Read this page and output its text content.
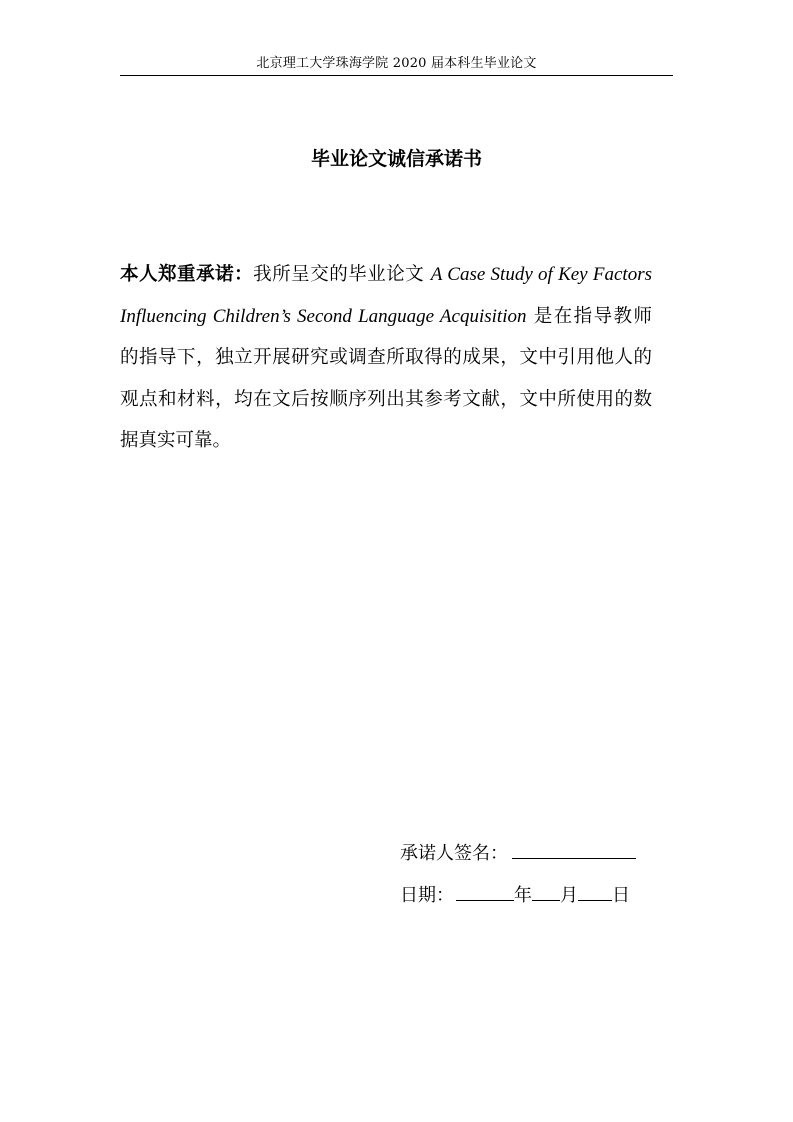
北京理工大学珠海学院 2020 届本科生毕业论文
毕业论文诚信承诺书
本人郑重承诺：我所呈交的毕业论文 A Case Study of Key Factors Influencing Children’s Second Language Acquisition 是在指导教师的指导下，独立开展研究或调查所取得的成果，文中引用他人的观点和材料，均在文后按顺序列出其参考文献，文中所使用的数据真实可靠。
承诺人签名：
日期：	年 月 日
